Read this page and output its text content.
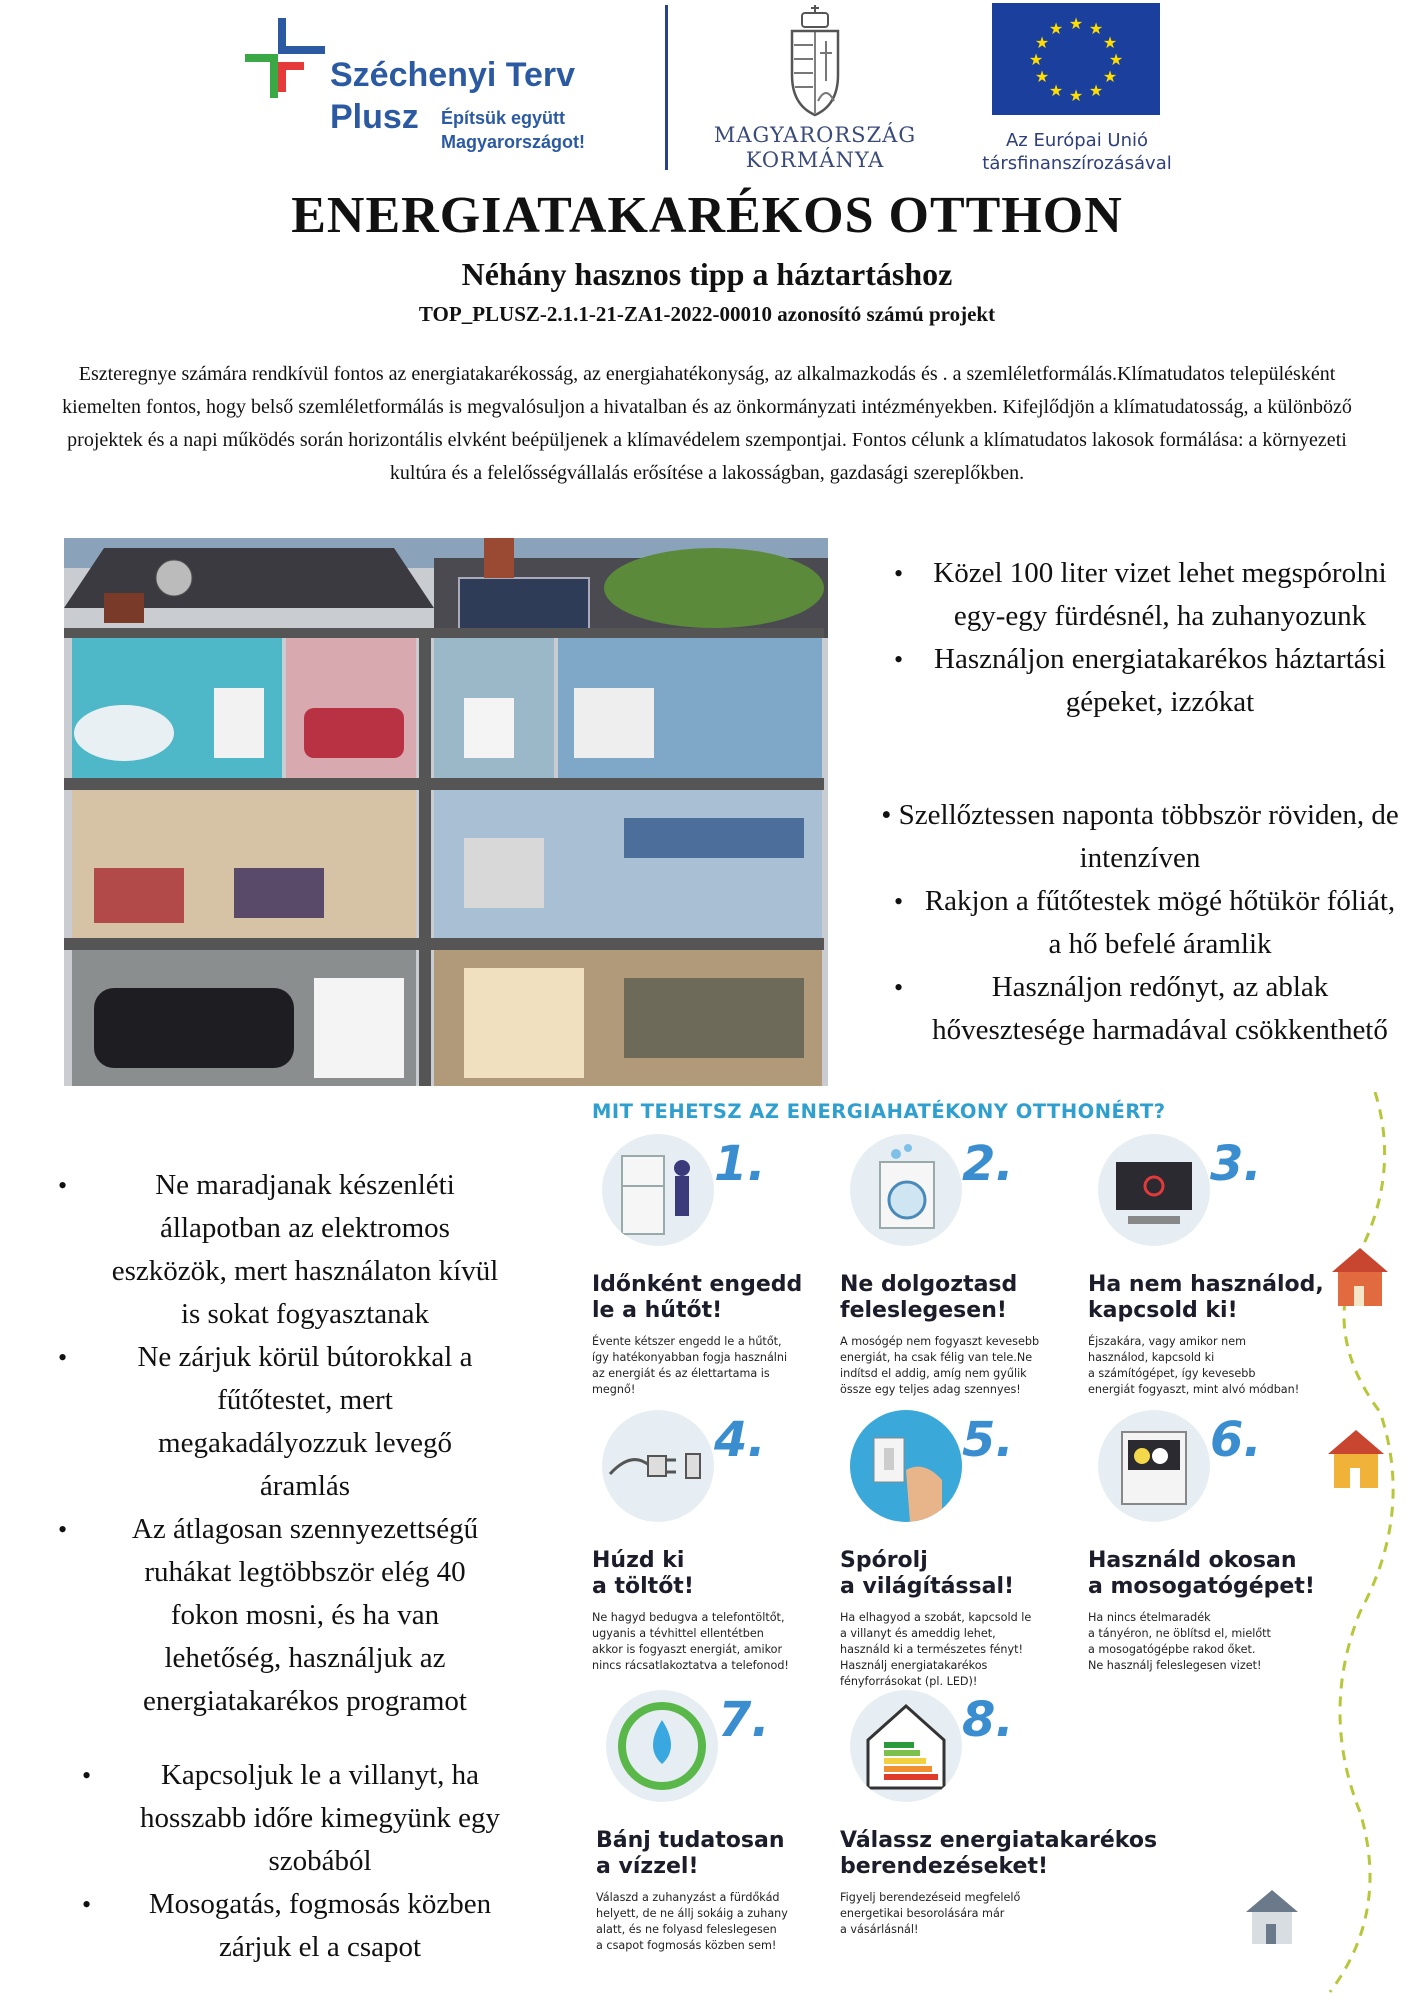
Széchenyi Terv
Plusz Építsük együtt
Magyarországot!	MAGYARORSZÁG
KORMÁNYA
★ ★
★
★
★
★
★
★
★
★
★
★
Az Európai Unió
társfinanszírozásával
ENERGIATAKARÉKOS OTTHON
Néhány hasznos tipp a háztartáshoz
TOP_PLUSZ-2.1.1-21-ZA1-2022-00010 azonosító számú projekt
Eszteregnye számára rendkívül fontos az energiatakarékosság, az energiahatékonyság, az alkalmazkodás és . a szemléletformálás.Klímatudatos településként kiemelten fontos, hogy belső szemléletformálás is megvalósuljon a hivatalban és az önkormányzati intézményekben. Kifejlődjön a klímatudatosság, a különböző projektek és a napi működés során horizontális elvként beépüljenek a klímavédelem szempontjai. Fontos célunk a klímatudatos lakosok formálása: a környezeti kultúra és a felelősségvállalás erősítése a lakosságban, gazdasági szereplőkben.
•	Közel 100 liter vizet lehet megspórolni egy-egy fürdésnél, ha zuhanyozunk
•	Használjon energiatakarékos háztartási gépeket, izzókat
• Szellőztessen naponta többször röviden, de intenzíven
• Rakjon a fűtőtestek mögé hőtükör fóliát, a hő befelé áramlik
•	Használjon redőnyt, az ablak hővesztesége harmadával csökkenthető
•	Ne maradjanak készenléti állapotban az elektromos eszközök, mert használaton kívül is sokat fogyasztanak
•	Ne zárjuk körül bútorokkal a fűtőtestet, mert megakadályozzuk levegő áramlás
•	Az átlagosan szennyezettségű ruhákat legtöbbször elég 40 fokon mosni, és ha van lehetőség, használjuk az energiatakarékos programot
•	Kapcsoljuk le a villanyt, ha hosszabb időre kimegyünk egy szobából
•	Mosogatás, fogmosás közben zárjuk el a csapot
MIT TEHETSZ AZ ENERGIAHATÉKONY OTTHONÉRT?
1.
Időnként engedd
le a hűtőt!
Évente kétszer engedd le a hűtőt,
így hatékonyabban fogja használni
az energiát és az élettartama is
megnő!
2.
Ne dolgoztasd
feleslegesen!
A mosógép nem fogyaszt kevesebb
energiát, ha csak félig van tele.Ne
indítsd el addig, amíg nem gyűlik
össze egy teljes adag szennyes!
3.
Ha nem használod,
kapcsold ki!
Éjszakára, vagy amikor nem
használod, kapcsold ki
a számítógépet, így kevesebb
energiát fogyaszt, mint alvó módban!
4.
Húzd ki
a töltőt!
Ne hagyd bedugva a telefontöltőt,
ugyanis a tévhittel ellentétben
akkor is fogyaszt energiát, amikor
nincs rácsatlakoztatva a telefonod!
5.
Spórolj
a világítással!
Ha elhagyod a szobát, kapcsold le
a villanyt és ameddig lehet,
használd ki a természetes fényt!
Használj energiatakarékos
fényforrásokat (pl. LED)!
6.
Használd okosan
a mosogatógépet!
Ha nincs ételmaradék
a tányéron, ne öblítsd el, mielőtt
a mosogatógépbe rakod őket.
Ne használj feleslegesen vizet!
7.
Bánj tudatosan
a vízzel!
Válaszd a zuhanyzást a fürdőkád
helyett, de ne állj sokáig a zuhany
alatt, és ne folyasd feleslegesen
a csapot fogmosás közben sem!
8.
Válassz energiatakarékos
berendezéseket!
Figyelj berendezéseid megfelelő
energetikai besorolására már
a vásárlásnál!
